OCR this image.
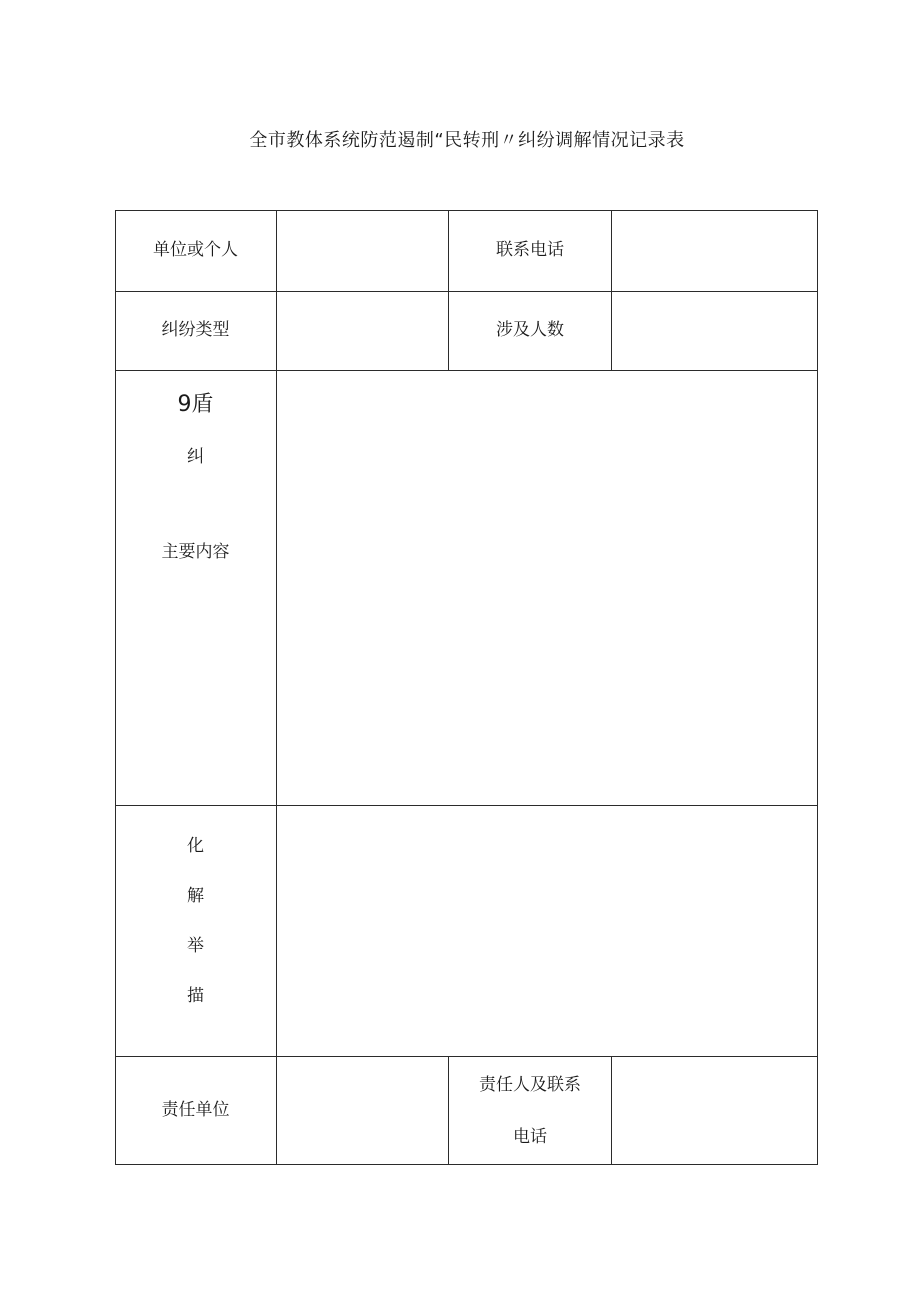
全市教体系统防范遏制“民转刑〃纠纷调解情况记录表
单位或个人	联系电话
纠纷类型	涉及人数
9盾
纠
主要内容
化
解
举
描
责任单位
责任人及联系
电话
